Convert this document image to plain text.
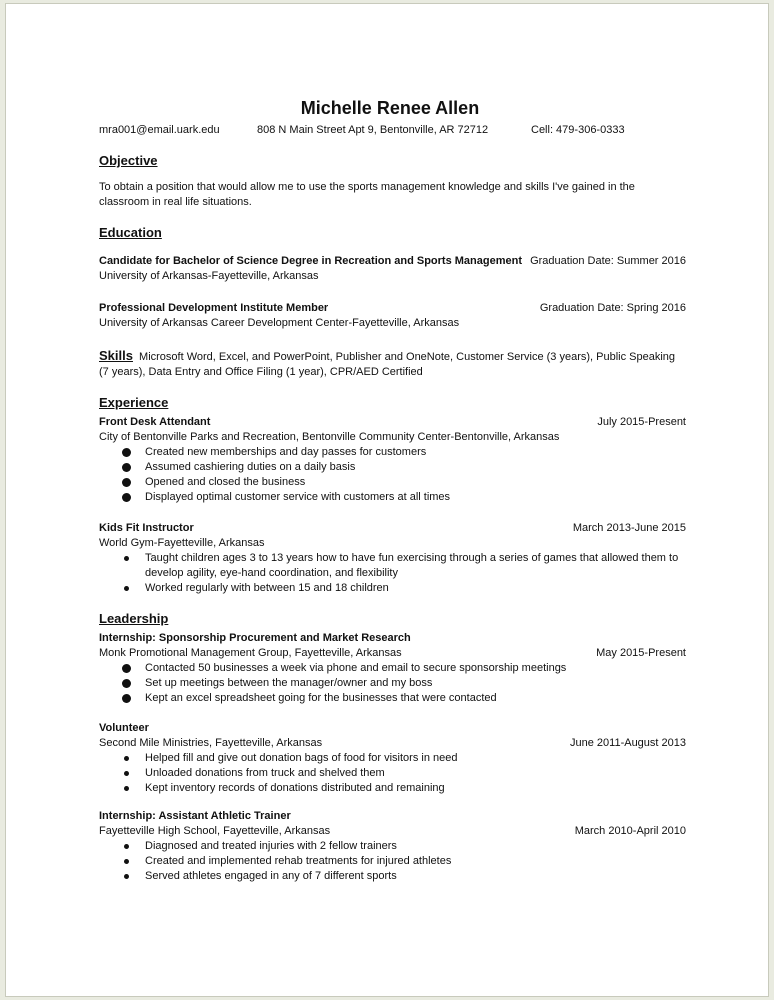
Michelle Renee Allen
mra001@email.uark.edu	808 N Main Street Apt 9, Bentonville, AR 72712	Cell: 479-306-0333
Objective
To obtain a position that would allow me to use the sports management knowledge and skills I've gained in the classroom in real life situations.
Education
Candidate for Bachelor of Science Degree in Recreation and Sports Management Graduation Date: Summer 2016
University of Arkansas-Fayetteville, Arkansas
Professional Development Institute Member	Graduation Date: Spring 2016
University of Arkansas Career Development Center-Fayetteville, Arkansas
Skills Microsoft Word, Excel, and PowerPoint, Publisher and OneNote, Customer Service (3 years), Public Speaking (7 years), Data Entry and Office Filing (1 year), CPR/AED Certified
Experience
Front Desk Attendant	July 2015-Present
City of Bentonville Parks and Recreation, Bentonville Community Center-Bentonville, Arkansas
Created new memberships and day passes for customers
Assumed cashiering duties on a daily basis
Opened and closed the business
Displayed optimal customer service with customers at all times
Kids Fit Instructor	March 2013-June 2015
World Gym-Fayetteville, Arkansas
Taught children ages 3 to 13 years how to have fun exercising through a series of games that allowed them to develop agility, eye-hand coordination, and flexibility
Worked regularly with between 15 and 18 children
Leadership
Internship: Sponsorship Procurement and Market Research
Monk Promotional Management Group, Fayetteville, Arkansas	May 2015-Present
Contacted 50 businesses a week via phone and email to secure sponsorship meetings
Set up meetings between the manager/owner and my boss
Kept an excel spreadsheet going for the businesses that were contacted
Volunteer
Second Mile Ministries, Fayetteville, Arkansas	June 2011-August 2013
Helped fill and give out donation bags of food for visitors in need
Unloaded donations from truck and shelved them
Kept inventory records of donations distributed and remaining
Internship: Assistant Athletic Trainer
Fayetteville High School, Fayetteville, Arkansas	March 2010-April 2010
Diagnosed and treated injuries with 2 fellow trainers
Created and implemented rehab treatments for injured athletes
Served athletes engaged in any of 7 different sports
